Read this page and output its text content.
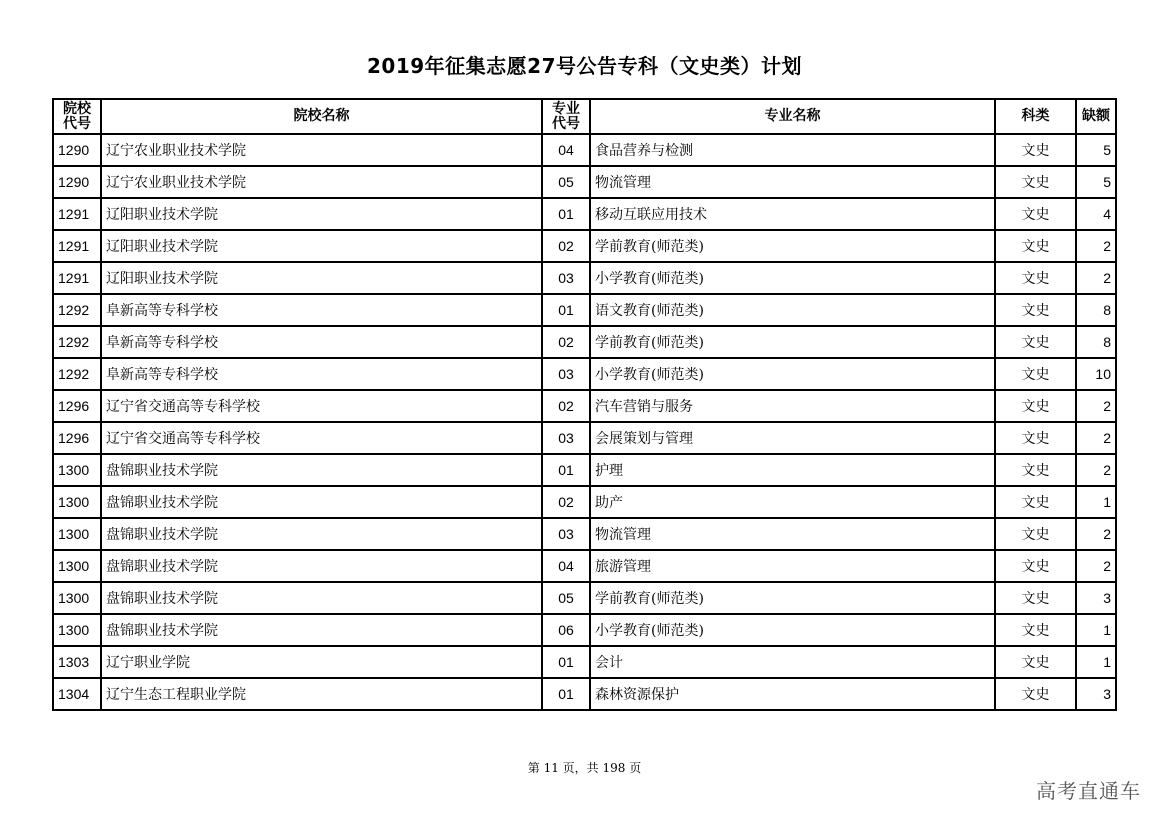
2019年征集志愿27号公告专科（文史类）计划
院校代号	院校名称	专业代号	专业名称	科类	缺额
1290	辽宁农业职业技术学院	04	食品营养与检测	文史	5
1290	辽宁农业职业技术学院	05	物流管理	文史	5
1291	辽阳职业技术学院	01	移动互联应用技术	文史	4
1291	辽阳职业技术学院	02	学前教育(师范类)	文史	2
1291	辽阳职业技术学院	03	小学教育(师范类)	文史	2
1292	阜新高等专科学校	01	语文教育(师范类)	文史	8
1292	阜新高等专科学校	02	学前教育(师范类)	文史	8
1292	阜新高等专科学校	03	小学教育(师范类)	文史	10
1296	辽宁省交通高等专科学校	02	汽车营销与服务	文史	2
1296	辽宁省交通高等专科学校	03	会展策划与管理	文史	2
1300	盘锦职业技术学院	01	护理	文史	2
1300	盘锦职业技术学院	02	助产	文史	1
1300	盘锦职业技术学院	03	物流管理	文史	2
1300	盘锦职业技术学院	04	旅游管理	文史	2
1300	盘锦职业技术学院	05	学前教育(师范类)	文史	3
1300	盘锦职业技术学院	06	小学教育(师范类)	文史	1
1303	辽宁职业学院	01	会计	文史	1
1304	辽宁生态工程职业学院	01	森林资源保护	文史	3
第 11 页，共 198 页
高考直通车
